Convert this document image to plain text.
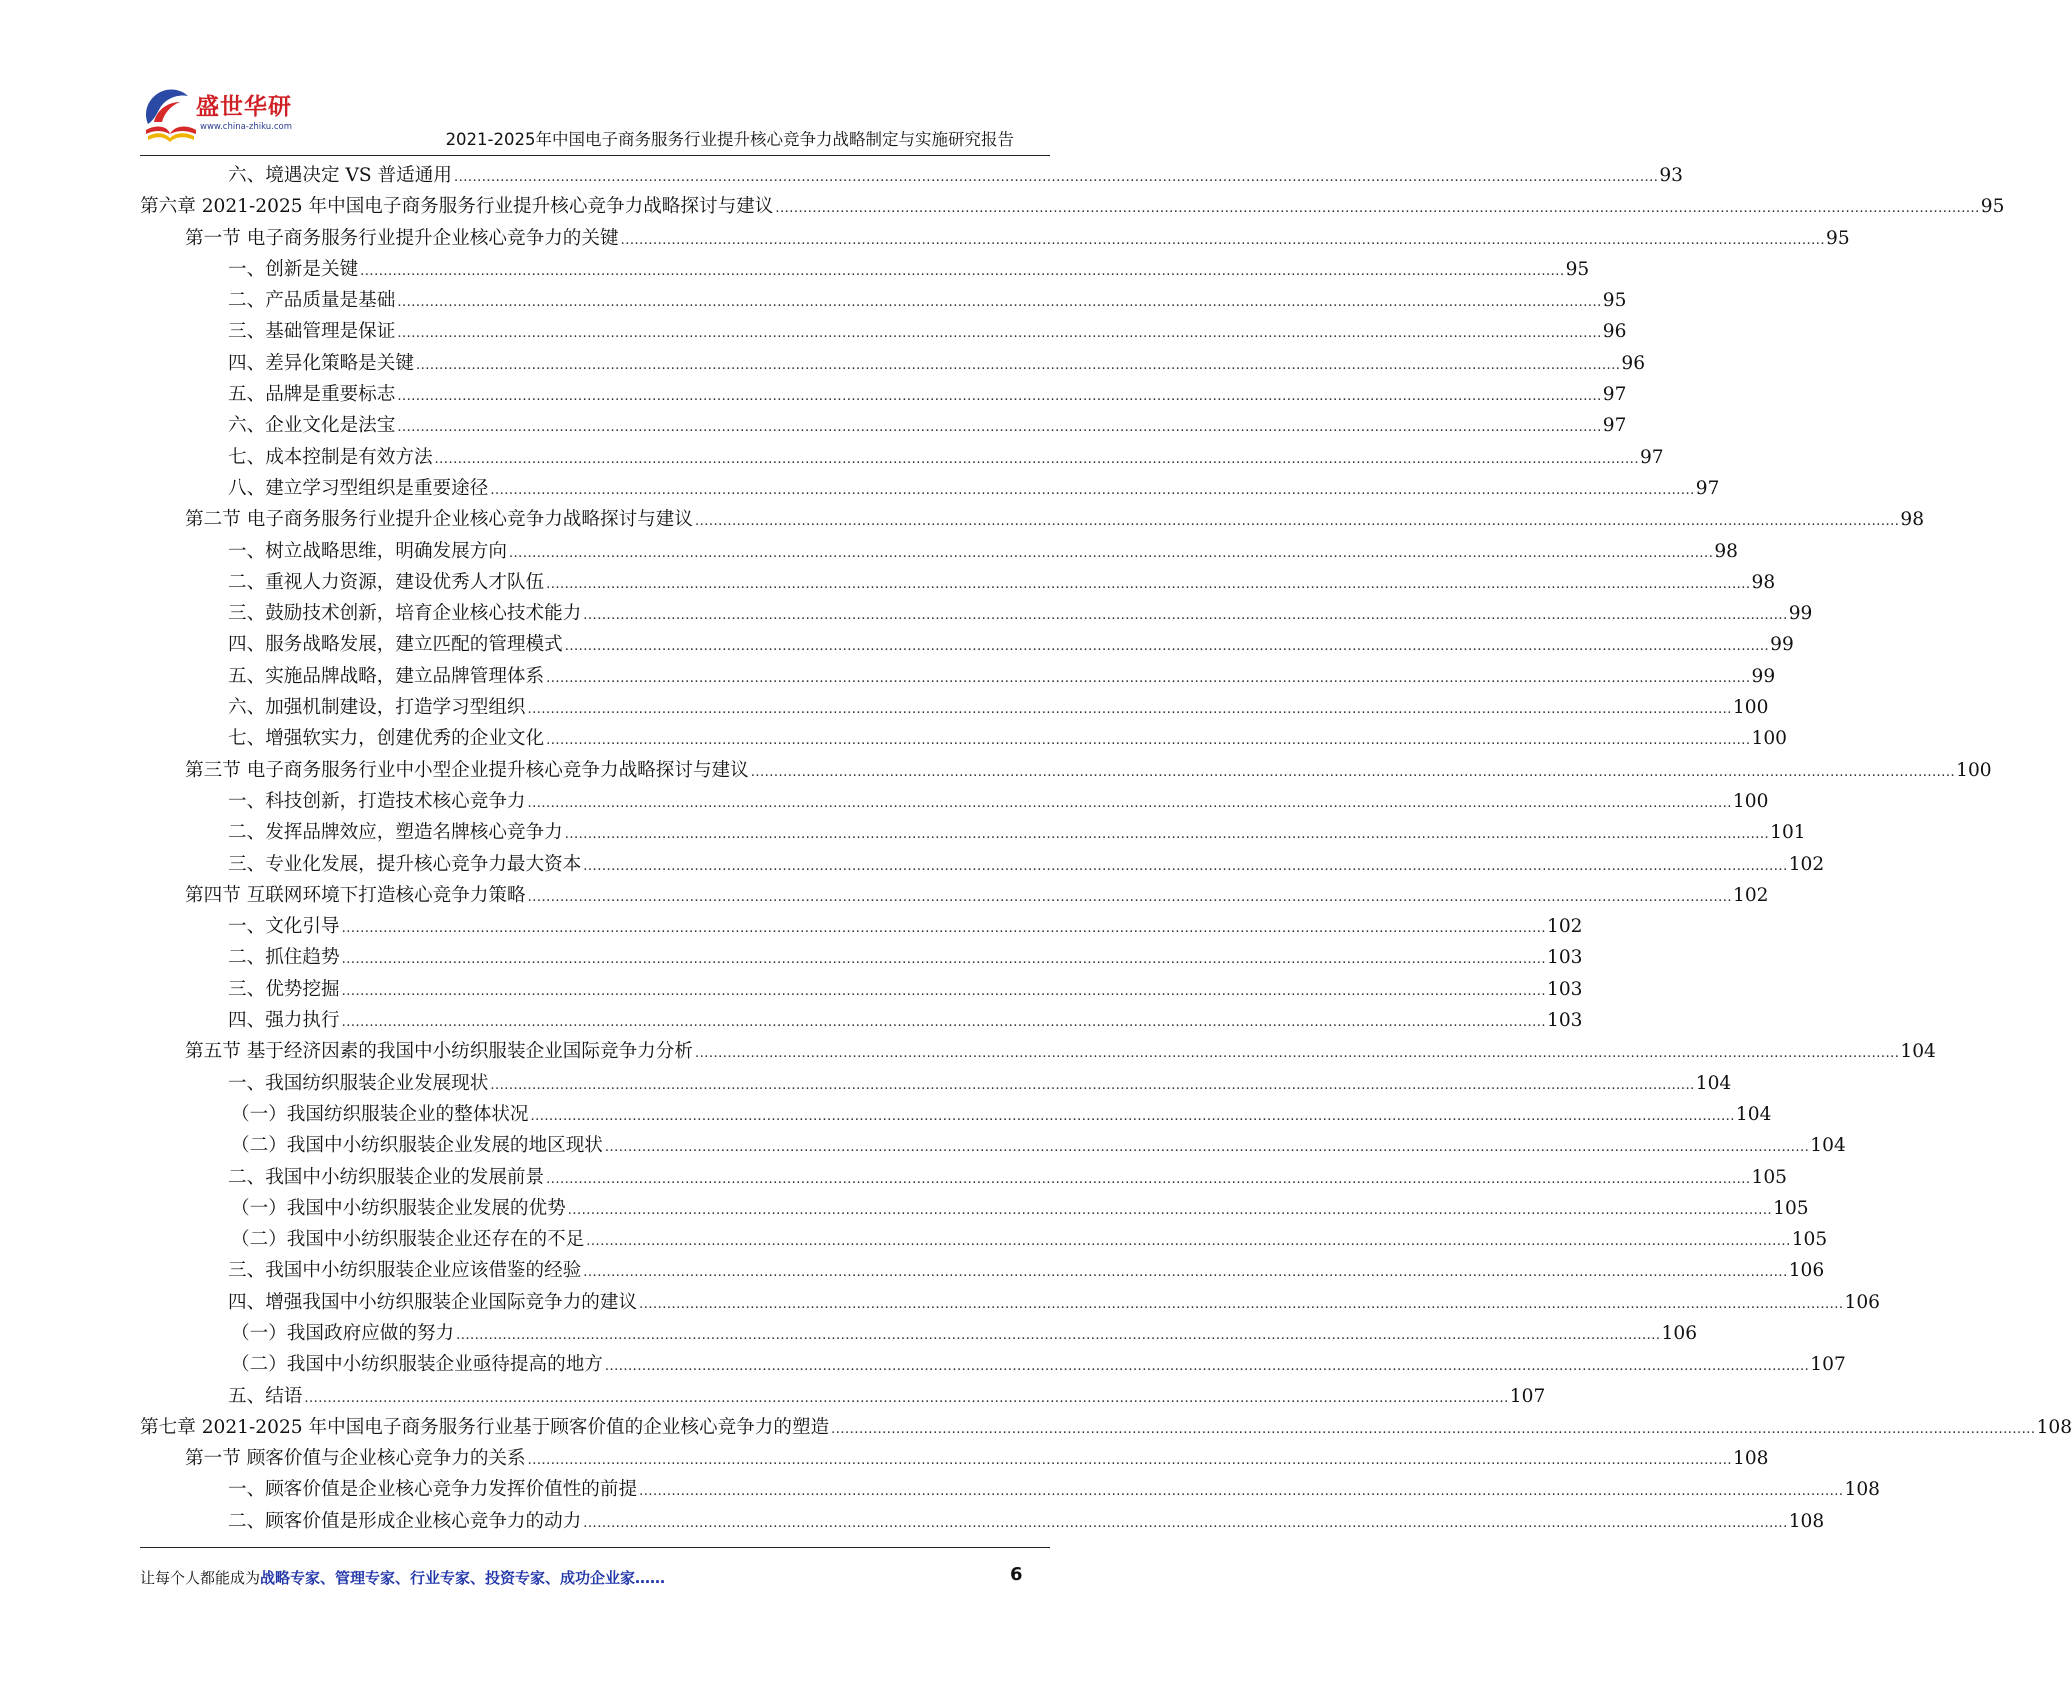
盛世华研
www.china-zhiku.com
2021-2025年中国电子商务服务行业提升核心竞争力战略制定与实施研究报告
六、境遇决定 VS 普适通用 .................................................................................................................................................................................................................................................................... 93
第六章 2021-2025 年中国电子商务服务行业提升核心竞争力战略探讨与建议 .................................................................................................................................................................................................................................................................... 95
第一节 电子商务服务行业提升企业核心竞争力的关键 .................................................................................................................................................................................................................................................................... 95
一、创新是关键 .................................................................................................................................................................................................................................................................... 95
二、产品质量是基础 .................................................................................................................................................................................................................................................................... 95
三、基础管理是保证 .................................................................................................................................................................................................................................................................... 96
四、差异化策略是关键 .................................................................................................................................................................................................................................................................... 96
五、品牌是重要标志 .................................................................................................................................................................................................................................................................... 97
六、企业文化是法宝 .................................................................................................................................................................................................................................................................... 97
七、成本控制是有效方法 .................................................................................................................................................................................................................................................................... 97
八、建立学习型组织是重要途径 .................................................................................................................................................................................................................................................................... 97
第二节 电子商务服务行业提升企业核心竞争力战略探讨与建议 .................................................................................................................................................................................................................................................................... 98
一、树立战略思维，明确发展方向 .................................................................................................................................................................................................................................................................... 98
二、重视人力资源，建设优秀人才队伍 .................................................................................................................................................................................................................................................................... 98
三、鼓励技术创新，培育企业核心技术能力 .................................................................................................................................................................................................................................................................... 99
四、服务战略发展，建立匹配的管理模式 .................................................................................................................................................................................................................................................................... 99
五、实施品牌战略，建立品牌管理体系 .................................................................................................................................................................................................................................................................... 99
六、加强机制建设，打造学习型组织 .................................................................................................................................................................................................................................................................... 100
七、增强软实力，创建优秀的企业文化 .................................................................................................................................................................................................................................................................... 100
第三节 电子商务服务行业中小型企业提升核心竞争力战略探讨与建议 .................................................................................................................................................................................................................................................................... 100
一、科技创新，打造技术核心竞争力 .................................................................................................................................................................................................................................................................... 100
二、发挥品牌效应，塑造名牌核心竞争力 .................................................................................................................................................................................................................................................................... 101
三、专业化发展，提升核心竞争力最大资本 .................................................................................................................................................................................................................................................................... 102
第四节 互联网环境下打造核心竞争力策略 .................................................................................................................................................................................................................................................................... 102
一、文化引导 .................................................................................................................................................................................................................................................................... 102
二、抓住趋势 .................................................................................................................................................................................................................................................................... 103
三、优势挖掘 .................................................................................................................................................................................................................................................................... 103
四、强力执行 .................................................................................................................................................................................................................................................................... 103
第五节 基于经济因素的我国中小纺织服装企业国际竞争力分析 .................................................................................................................................................................................................................................................................... 104
一、我国纺织服装企业发展现状 .................................................................................................................................................................................................................................................................... 104
（一）我国纺织服装企业的整体状况 .................................................................................................................................................................................................................................................................... 104
（二）我国中小纺织服装企业发展的地区现状 .................................................................................................................................................................................................................................................................... 104
二、我国中小纺织服装企业的发展前景 .................................................................................................................................................................................................................................................................... 105
（一）我国中小纺织服装企业发展的优势 .................................................................................................................................................................................................................................................................... 105
（二）我国中小纺织服装企业还存在的不足 .................................................................................................................................................................................................................................................................... 105
三、我国中小纺织服装企业应该借鉴的经验 .................................................................................................................................................................................................................................................................... 106
四、增强我国中小纺织服装企业国际竞争力的建议 .................................................................................................................................................................................................................................................................... 106
（一）我国政府应做的努力 .................................................................................................................................................................................................................................................................... 106
（二）我国中小纺织服装企业亟待提高的地方 .................................................................................................................................................................................................................................................................... 107
五、结语 .................................................................................................................................................................................................................................................................... 107
第七章 2021-2025 年中国电子商务服务行业基于顾客价值的企业核心竞争力的塑造 .................................................................................................................................................................................................................................................................... 108
第一节 顾客价值与企业核心竞争力的关系 .................................................................................................................................................................................................................................................................... 108
一、顾客价值是企业核心竞争力发挥价值性的前提 .................................................................................................................................................................................................................................................................... 108
二、顾客价值是形成企业核心竞争力的动力 .................................................................................................................................................................................................................................................................... 108
让每个人都能成为战略专家、管理专家、行业专家、投资专家、成功企业家……	6
